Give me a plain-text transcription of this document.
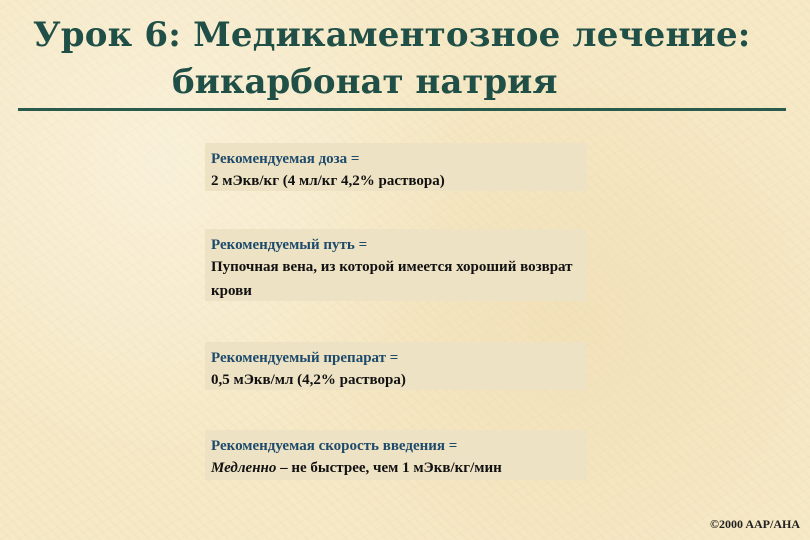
Урок 6: Медикаментозное лечение:
бикарбонат натрия
Рекомендуемая доза =
2 мЭкв/кг (4 мл/кг 4,2% раствора)
Рекомендуемый путь =
Пупочная вена, из которой имеется хороший возврат крови
Рекомендуемый препарат =
0,5 мЭкв/мл (4,2% раствора)
Рекомендуемая скорость введения =
Медленно – не быстрее, чем 1 мЭкв/кг/мин
©2000 AAP/AHA
